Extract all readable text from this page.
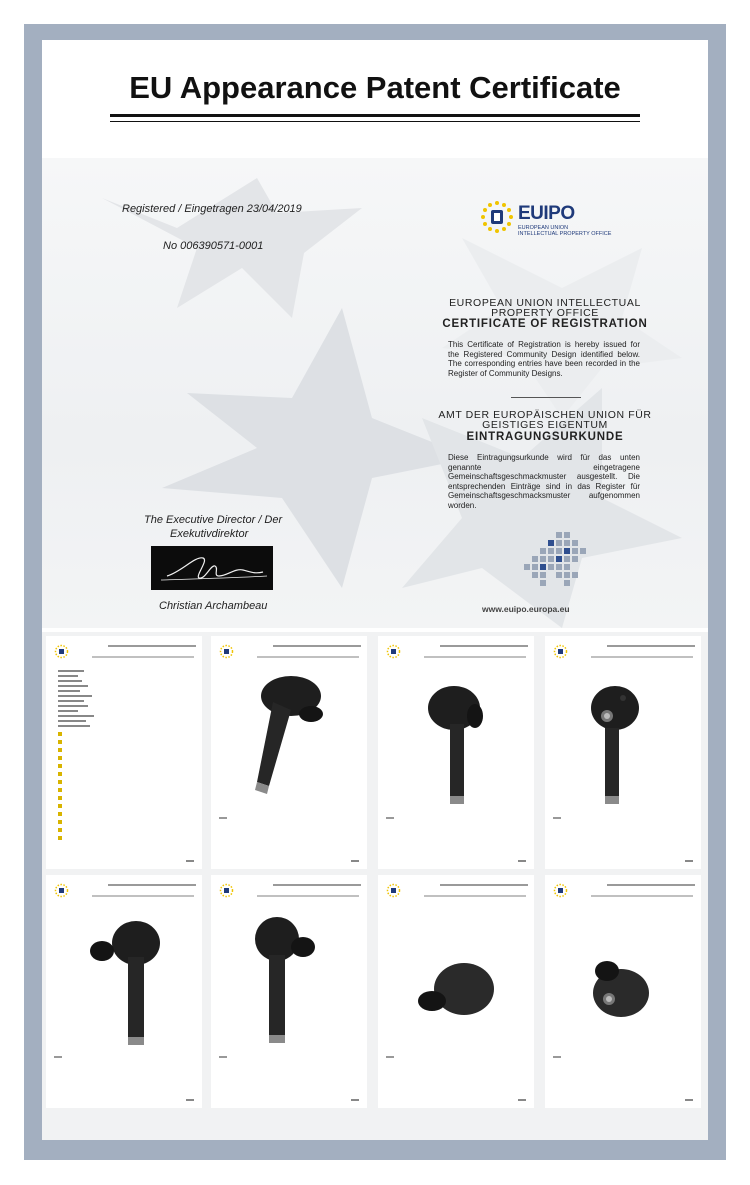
EU Appearance Patent Certificate
Registered / Eingetragen 23/04/2019
No 006390571-0001
EUIPO
EUROPEAN UNION
INTELLECTUAL PROPERTY OFFICE
EUROPEAN UNION INTELLECTUAL
PROPERTY OFFICE
CERTIFICATE OF REGISTRATION
This Certificate of Registration is hereby issued for the Registered Community Design identified below. The corresponding entries have been recorded in the Register of Community Designs.
AMT DER EUROPÄISCHEN UNION FÜR
GEISTIGES EIGENTUM
EINTRAGUNGSURKUNDE
Diese Eintragungsurkunde wird für das unten genannte eingetragene Gemeinschaftsgeschmackmuster ausgestellt. Die entsprechenden Einträge sind in das Register für Gemeinschaftsgeschmacksmuster aufgenommen worden.
The Executive Director / Der
Exekutivdirektor
Christian Archambeau	www.euipo.europa.eu
